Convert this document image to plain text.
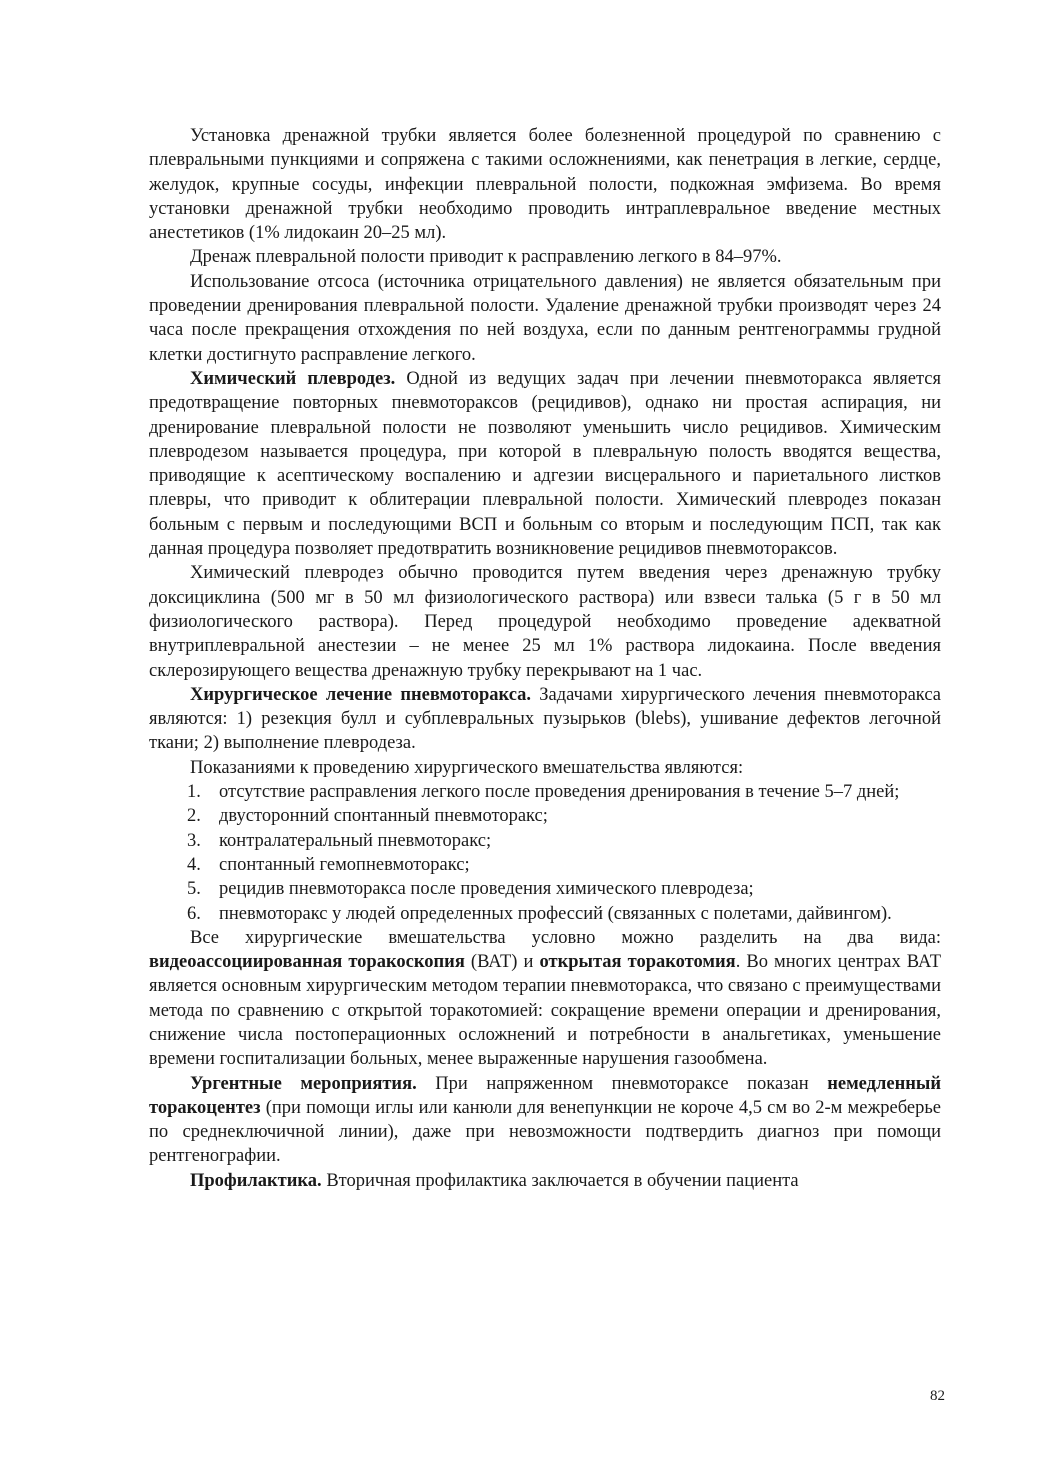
Установка дренажной трубки является более болезненной процедурой по сравнению с плевральными пункциями и сопряжена с такими осложнениями, как пенетрация в легкие, сердце, желудок, крупные сосуды, инфекции плевральной полости, подкожная эмфизема. Во время установки дренажной трубки необходимо проводить интраплевральное введение местных анестетиков (1% лидокаин 20–25 мл).

Дренаж плевральной полости приводит к расправлению легкого в 84–97%.

Использование отсоса (источника отрицательного давления) не является обязательным при проведении дренирования плевральной полости. Удаление дренажной трубки производят через 24 часа после прекращения отхождения по ней воздуха, если по данным рентгенограммы грудной клетки достигнуто расправление легкого.

Химический плевродез. Одной из ведущих задач при лечении пневмоторакса является предотвращение повторных пневмотораксов (рецидивов), однако ни простая аспирация, ни дренирование плевральной полости не позволяют уменьшить число рецидивов. Химическим плевродезом называется процедура, при которой в плевральную полость вводятся вещества, приводящие к асептическому воспалению и адгезии висцерального и париетального листков плевры, что приводит к облитерации плевральной полости. Химический плевродез показан больным с первым и последующими ВСП и больным со вторым и последующим ПСП, так как данная процедура позволяет предотвратить возникновение рецидивов пневмотораксов.

Химический плевродез обычно проводится путем введения через дренажную трубку доксициклина (500 мг в 50 мл физиологического раствора) или взвеси талька (5 г в 50 мл физиологического раствора). Перед процедурой необходимо проведение адекватной внутриплевральной анестезии – не менее 25 мл 1% раствора лидокаина. После введения склерозирующего вещества дренажную трубку перекрывают на 1 час.

Хирургическое лечение пневмоторакса. Задачами хирургического лечения пневмоторакса являются: 1) резекция булл и субплевральных пузырьков (blebs), ушивание дефектов легочной ткани; 2) выполнение плевродеза.

Показаниями к проведению хирургического вмешательства являются:

1. отсутствие расправления легкого после проведения дренирования в течение 5–7 дней;
2. двусторонний спонтанный пневмоторакс;
3. контралатеральный пневмоторакс;
4. спонтанный гемопневмоторакс;
5. рецидив пневмоторакса после проведения химического плевродеза;
6. пневмоторакс у людей определенных профессий (связанных с полетами, дайвингом).

Все хирургические вмешательства условно можно разделить на два вида: видеоассоциированная торакоскопия (ВАТ) и открытая торакотомия. Во многих центрах ВАТ является основным хирургическим методом терапии пневмоторакса, что связано с преимуществами метода по сравнению с открытой торакотомией: сокращение времени операции и дренирования, снижение числа постоперационных осложнений и потребности в анальгетиках, уменьшение времени госпитализации больных, менее выраженные нарушения газообмена.

Ургентные мероприятия. При напряженном пневмотораксе показан немедленный торакоцентез (при помощи иглы или канюли для венепункции не короче 4,5 см во 2-м межреберье по среднеключичной линии), даже при невозможности подтвердить диагноз при помощи рентгенографии.

Профилактика. Вторичная профилактика заключается в обучении пациента

82
